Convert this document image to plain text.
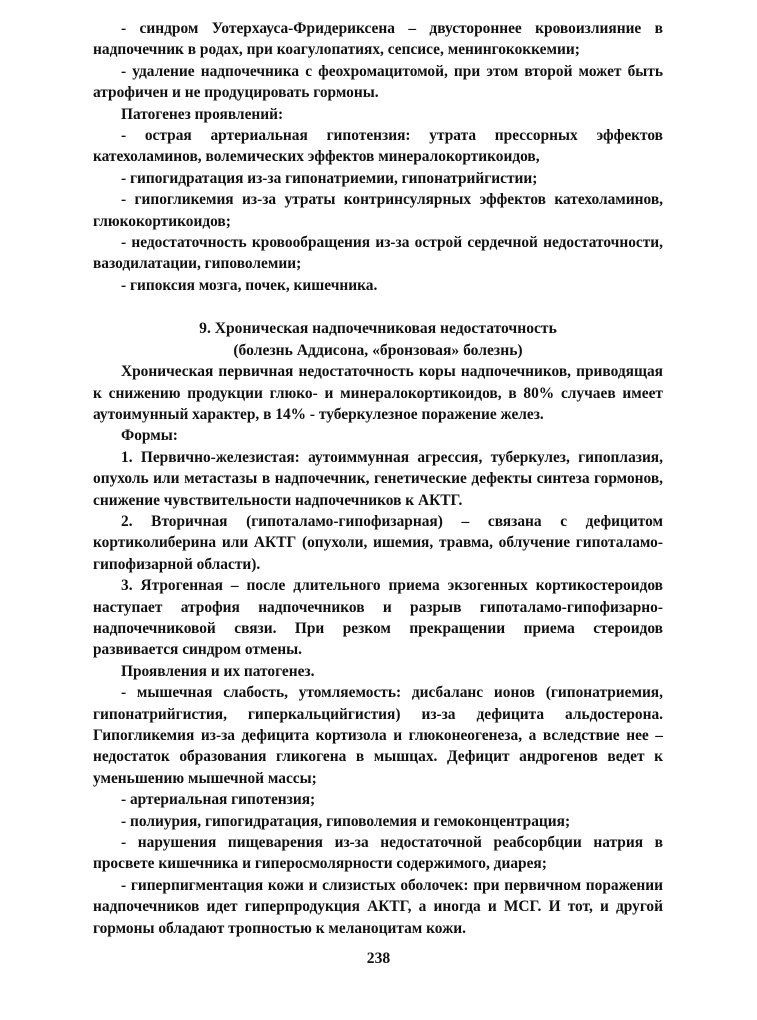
- синдром Уотерхауса-Фридериксена – двустороннее кровоизлияние в надпочечник в родах, при коагулопатиях, сепсисе, менингококкемии;

- удаление надпочечника с феохромацитомой, при этом второй может быть атрофичен и не продуцировать гормоны.

Патогенез проявлений:

- острая артериальная гипотензия: утрата прессорных эффектов катехоламинов, волемических эффектов минералокортикоидов,

- гипогидратация из-за гипонатриемии, гипонатрийгистии;

- гипогликемия из-за утраты контринсулярных эффектов катехоламинов, глюкокортикоидов;

- недостаточность кровообращения из-за острой сердечной недостаточности, вазодилатации, гиповолемии;

- гипоксия мозга, почек, кишечника.

9. Хроническая надпочечниковая недостаточность
(болезнь Аддисона, «бронзовая» болезнь)

Хроническая первичная недостаточность коры надпочечников, приводящая к снижению продукции глюко- и минералокортикоидов, в 80% случаев имеет аутоимунный характер, в 14% - туберкулезное поражение желез.

Формы:

1. Первично-железистая: аутоиммунная агрессия, туберкулез, гипоплазия, опухоль или метастазы в надпочечник, генетические дефекты синтеза гормонов, снижение чувствительности надпочечников к АКТГ.

2. Вторичная (гипоталамо-гипофизарная) – связана с дефицитом кортиколиберина или АКТГ (опухоли, ишемия, травма, облучение гипоталамо-гипофизарной области).

3. Ятрогенная – после длительного приема экзогенных кортикостероидов наступает атрофия надпочечников и разрыв гипоталамо-гипофизарно-надпочечниковой связи. При резком прекращении приема стероидов развивается синдром отмены.

Проявления и их патогенез.

- мышечная слабость, утомляемость: дисбаланс ионов (гипонатриемия, гипонатрийгистия, гиперкальцийгистия) из-за дефицита альдостерона. Гипогликемия из-за дефицита кортизола и глюконеогенеза, а вследствие нее – недостаток образования гликогена в мышцах. Дефицит андрогенов ведет к уменьшению мышечной массы;

- артериальная гипотензия;

- полиурия, гипогидратация, гиповолемия и гемоконцентрация;

- нарушения пищеварения из-за недостаточной реабсорбции натрия в просвете кишечника и гиперосмолярности содержимого, диарея;

- гиперпигментация кожи и слизистых оболочек: при первичном поражении надпочечников идет гиперпродукция АКТГ, а иногда и МСГ. И тот, и другой гормоны обладают тропностью к меланоцитам кожи.

238
